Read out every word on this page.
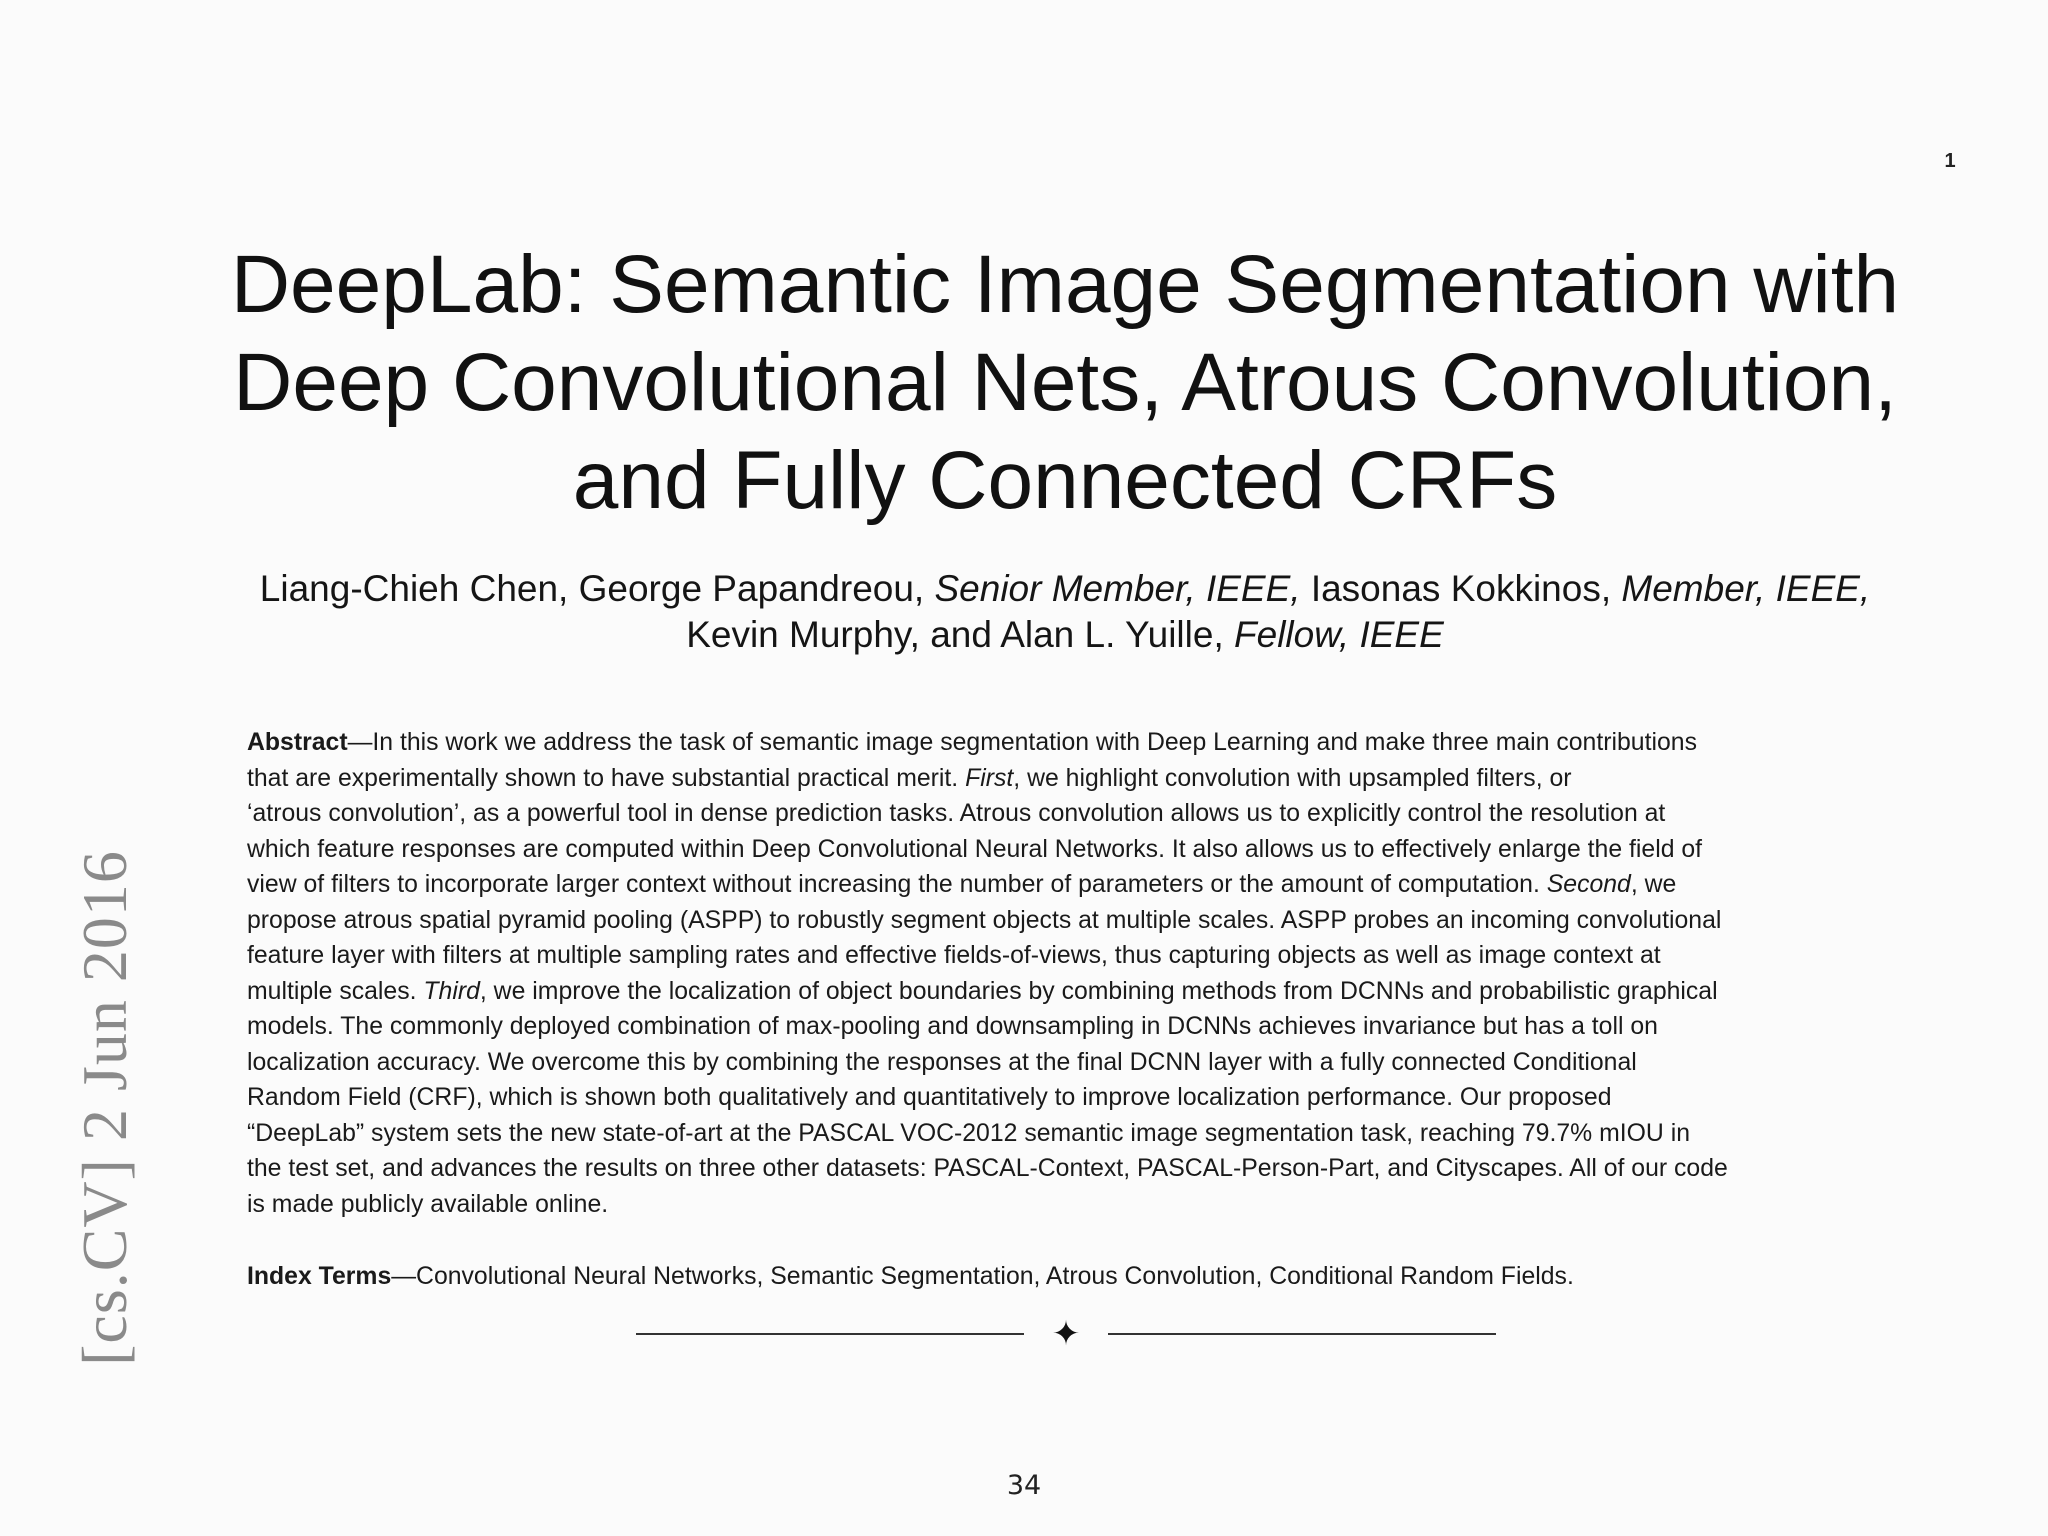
1
DeepLab: Semantic Image Segmentation with
Deep Convolutional Nets, Atrous Convolution,
and Fully Connected CRFs
Liang-Chieh Chen, George Papandreou, Senior Member, IEEE, Iasonas Kokkinos, Member, IEEE,
Kevin Murphy, and Alan L. Yuille, Fellow, IEEE
Abstract—In this work we address the task of semantic image segmentation with Deep Learning and make three main contributions
that are experimentally shown to have substantial practical merit. First, we highlight convolution with upsampled filters, or
‘atrous convolution’, as a powerful tool in dense prediction tasks. Atrous convolution allows us to explicitly control the resolution at
which feature responses are computed within Deep Convolutional Neural Networks. It also allows us to effectively enlarge the field of
view of filters to incorporate larger context without increasing the number of parameters or the amount of computation. Second, we
propose atrous spatial pyramid pooling (ASPP) to robustly segment objects at multiple scales. ASPP probes an incoming convolutional
feature layer with filters at multiple sampling rates and effective fields-of-views, thus capturing objects as well as image context at
multiple scales. Third, we improve the localization of object boundaries by combining methods from DCNNs and probabilistic graphical
models. The commonly deployed combination of max-pooling and downsampling in DCNNs achieves invariance but has a toll on
localization accuracy. We overcome this by combining the responses at the final DCNN layer with a fully connected Conditional
Random Field (CRF), which is shown both qualitatively and quantitatively to improve localization performance. Our proposed
“DeepLab” system sets the new state-of-art at the PASCAL VOC-2012 semantic image segmentation task, reaching 79.7% mIOU in
the test set, and advances the results on three other datasets: PASCAL-Context, PASCAL-Person-Part, and Cityscapes. All of our code
is made publicly available online.
Index Terms—Convolutional Neural Networks, Semantic Segmentation, Atrous Convolution, Conditional Random Fields.
✦
[cs.CV] 2 Jun 2016
34
